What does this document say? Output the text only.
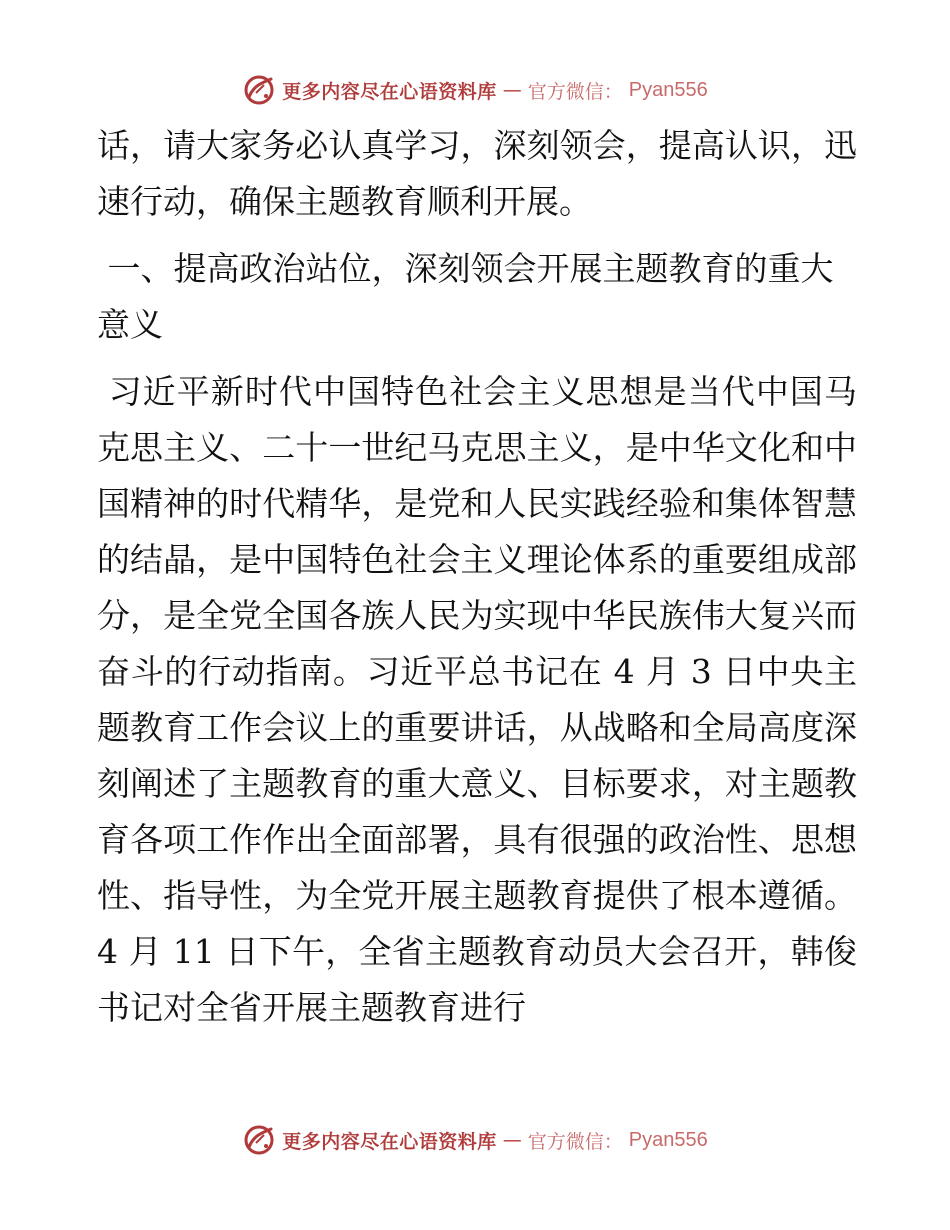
更多内容尽在心语资料库 — 官方微信： Pyan556

话，请大家务必认真学习，深刻领会，提高认识，迅速行动，确保主题教育顺利开展。

一、提高政治站位，深刻领会开展主题教育的重大意义

习近平新时代中国特色社会主义思想是当代中国马克思主义、二十一世纪马克思主义，是中华文化和中国精神的时代精华，是党和人民实践经验和集体智慧的结晶，是中国特色社会主义理论体系的重要组成部分，是全党全国各族人民为实现中华民族伟大复兴而奋斗的行动指南。习近平总书记在 4 月 3 日中央主题教育工作会议上的重要讲话，从战略和全局高度深刻阐述了主题教育的重大意义、目标要求，对主题教育各项工作作出全面部署，具有很强的政治性、思想性、指导性，为全党开展主题教育提供了根本遵循。4 月 11 日下午，全省主题教育动员大会召开，韩俊书记对全省开展主题教育进行

更多内容尽在心语资料库 — 官方微信： Pyan556
